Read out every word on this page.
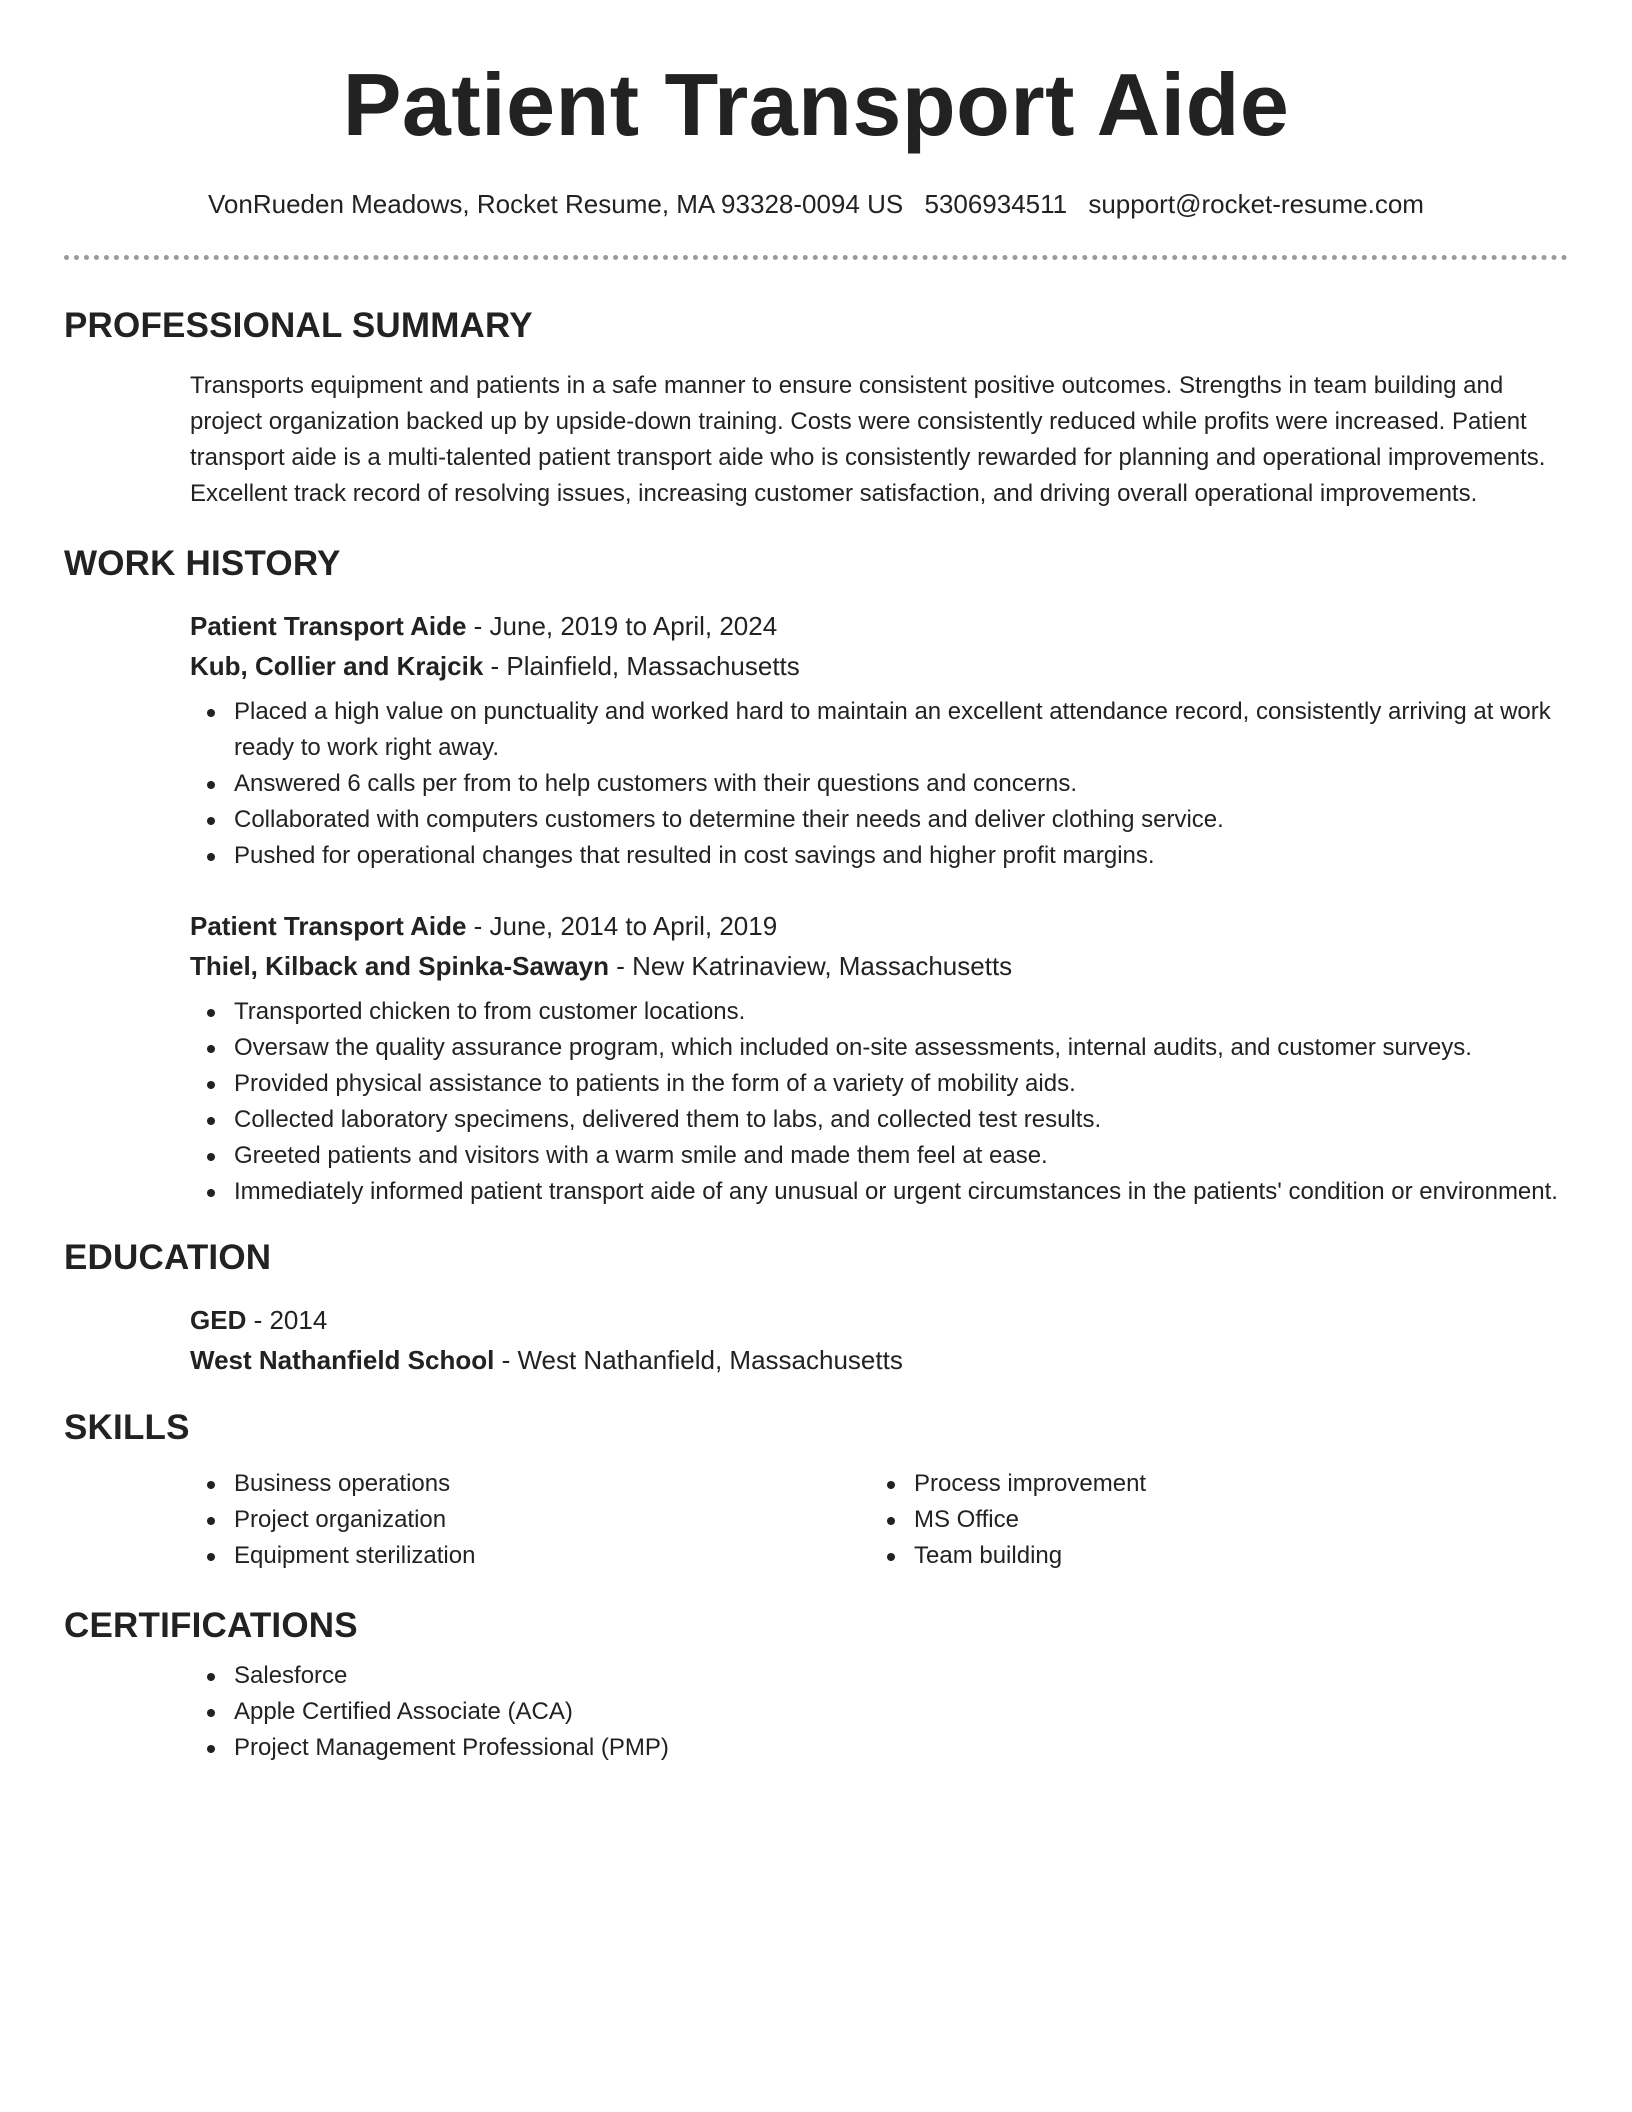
Patient Transport Aide
VonRueden Meadows, Rocket Resume, MA 93328-0094 US 5306934511 support@rocket-resume.com
PROFESSIONAL SUMMARY

Transports equipment and patients in a safe manner to ensure consistent positive outcomes. Strengths in team building and project organization backed up by upside-down training. Costs were consistently reduced while profits were increased. Patient transport aide is a multi-talented patient transport aide who is consistently rewarded for planning and operational improvements. Excellent track record of resolving issues, increasing customer satisfaction, and driving overall operational improvements.

WORK HISTORY
Patient Transport Aide - June, 2019 to April, 2024
Kub, Collier and Krajcik - Plainfield, Massachusetts
Placed a high value on punctuality and worked hard to maintain an excellent attendance record, consistently arriving at work ready to work right away.
Answered 6 calls per from to help customers with their questions and concerns.
Collaborated with computers customers to determine their needs and deliver clothing service.
Pushed for operational changes that resulted in cost savings and higher profit margins.
Patient Transport Aide - June, 2014 to April, 2019
Thiel, Kilback and Spinka-Sawayn - New Katrinaview, Massachusetts
Transported chicken to from customer locations.
Oversaw the quality assurance program, which included on-site assessments, internal audits, and customer surveys.
Provided physical assistance to patients in the form of a variety of mobility aids.
Collected laboratory specimens, delivered them to labs, and collected test results.
Greeted patients and visitors with a warm smile and made them feel at ease.
Immediately informed patient transport aide of any unusual or urgent circumstances in the patients' condition or environment.
EDUCATION
GED - 2014
West Nathanfield School - West Nathanfield, Massachusetts
SKILLS
Business operations
Project organization
Equipment sterilization
Process improvement
MS Office
Team building
CERTIFICATIONS
Salesforce
Apple Certified Associate (ACA)
Project Management Professional (PMP)
